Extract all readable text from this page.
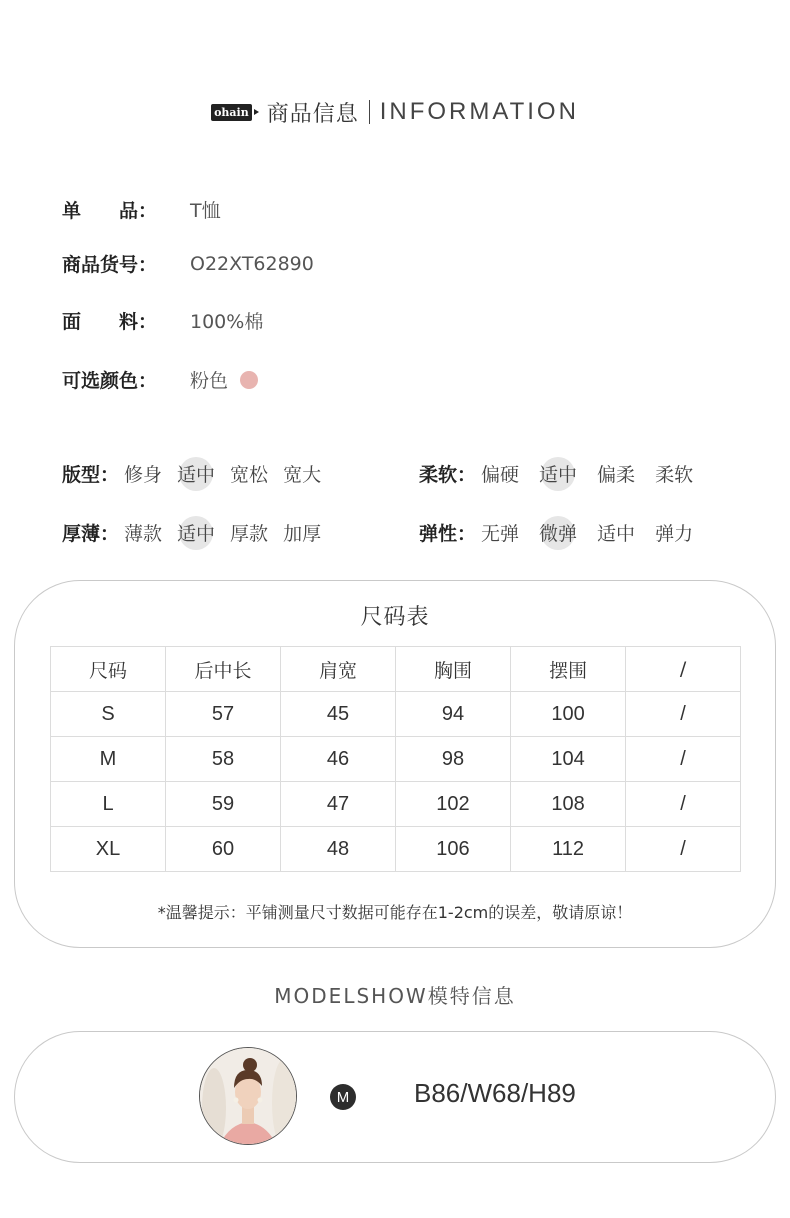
ohain 商品信息 INFORMATION
单　　品：	T恤
商品货号：	O22XT62890
面　　料：	100%棉
可选颜色：	粉色
版型： 修身 适中 宽松 宽大	柔软： 偏硬 适中 偏柔 柔软
厚薄： 薄款 适中 厚款 加厚	弹性： 无弹 微弹 适中 弹力
尺码表
尺码	后中长	肩宽	胸围	摆围	/
S	57	45	94	100	/
M	58	46	98	104	/
L	59	47	102	108	/
XL	60	48	106	112	/
*温馨提示：平铺测量尺寸数据可能存在1-2cm的误差，敬请原谅！
MODELSHOW模特信息
M B86/W68/H89
